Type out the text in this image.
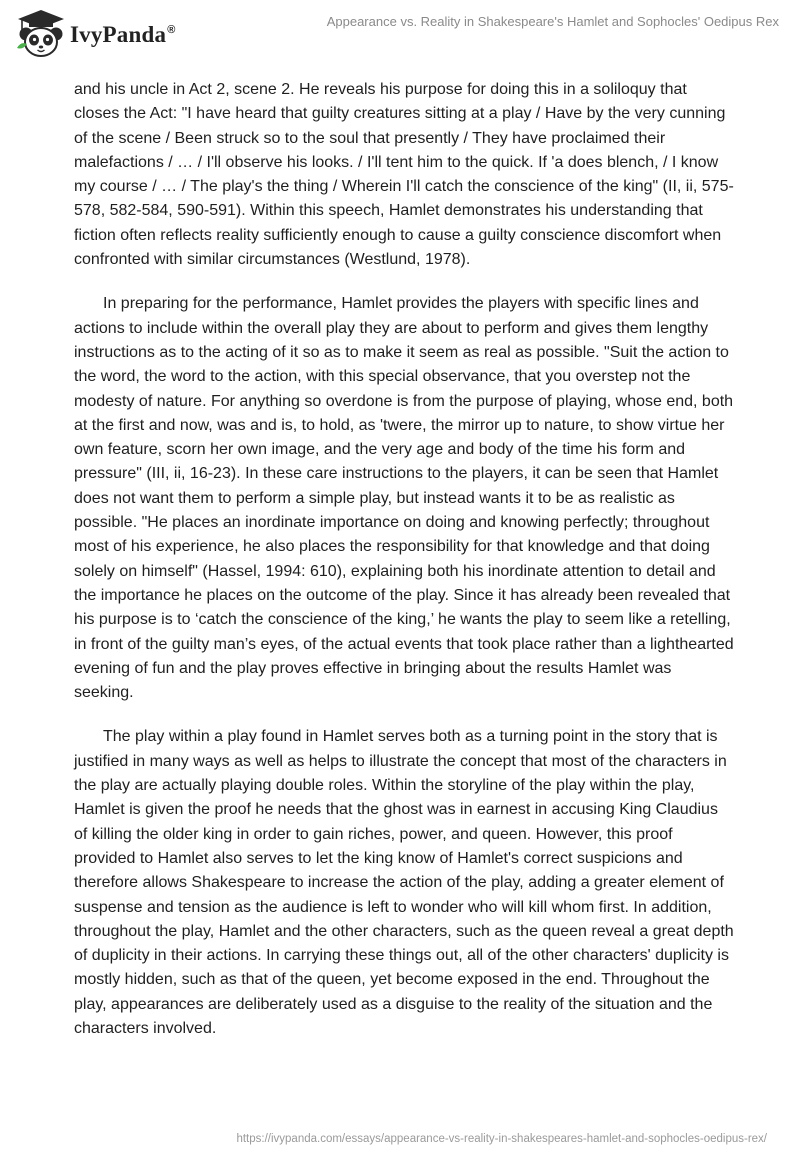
IvyPanda®
Appearance vs. Reality in Shakespeare's Hamlet and Sophocles' Oedipus Rex

and his uncle in Act 2, scene 2. He reveals his purpose for doing this in a soliloquy that closes the Act: "I have heard that guilty creatures sitting at a play / Have by the very cunning of the scene / Been struck so to the soul that presently / They have proclaimed their malefactions / … / I'll observe his looks. / I'll tent him to the quick. If 'a does blench, / I know my course / … / The play's the thing / Wherein I'll catch the conscience of the king" (II, ii, 575-578, 582-584, 590-591). Within this speech, Hamlet demonstrates his understanding that fiction often reflects reality sufficiently enough to cause a guilty conscience discomfort when confronted with similar circumstances (Westlund, 1978).

In preparing for the performance, Hamlet provides the players with specific lines and actions to include within the overall play they are about to perform and gives them lengthy instructions as to the acting of it so as to make it seem as real as possible. "Suit the action to the word, the word to the action, with this special observance, that you overstep not the modesty of nature. For anything so overdone is from the purpose of playing, whose end, both at the first and now, was and is, to hold, as 'twere, the mirror up to nature, to show virtue her own feature, scorn her own image, and the very age and body of the time his form and pressure" (III, ii, 16-23). In these care instructions to the players, it can be seen that Hamlet does not want them to perform a simple play, but instead wants it to be as realistic as possible. "He places an inordinate importance on doing and knowing perfectly; throughout most of his experience, he also places the responsibility for that knowledge and that doing solely on himself" (Hassel, 1994: 610), explaining both his inordinate attention to detail and the importance he places on the outcome of the play. Since it has already been revealed that his purpose is to ‘catch the conscience of the king,’ he wants the play to seem like a retelling, in front of the guilty man’s eyes, of the actual events that took place rather than a lighthearted evening of fun and the play proves effective in bringing about the results Hamlet was seeking.

The play within a play found in Hamlet serves both as a turning point in the story that is justified in many ways as well as helps to illustrate the concept that most of the characters in the play are actually playing double roles. Within the storyline of the play within the play, Hamlet is given the proof he needs that the ghost was in earnest in accusing King Claudius of killing the older king in order to gain riches, power, and queen. However, this proof provided to Hamlet also serves to let the king know of Hamlet's correct suspicions and therefore allows Shakespeare to increase the action of the play, adding a greater element of suspense and tension as the audience is left to wonder who will kill whom first. In addition, throughout the play, Hamlet and the other characters, such as the queen reveal a great depth of duplicity in their actions. In carrying these things out, all of the other characters' duplicity is mostly hidden, such as that of the queen, yet become exposed in the end. Throughout the play, appearances are deliberately used as a disguise to the reality of the situation and the characters involved.

https://ivypanda.com/essays/appearance-vs-reality-in-shakespeares-hamlet-and-sophocles-oedipus-rex/
